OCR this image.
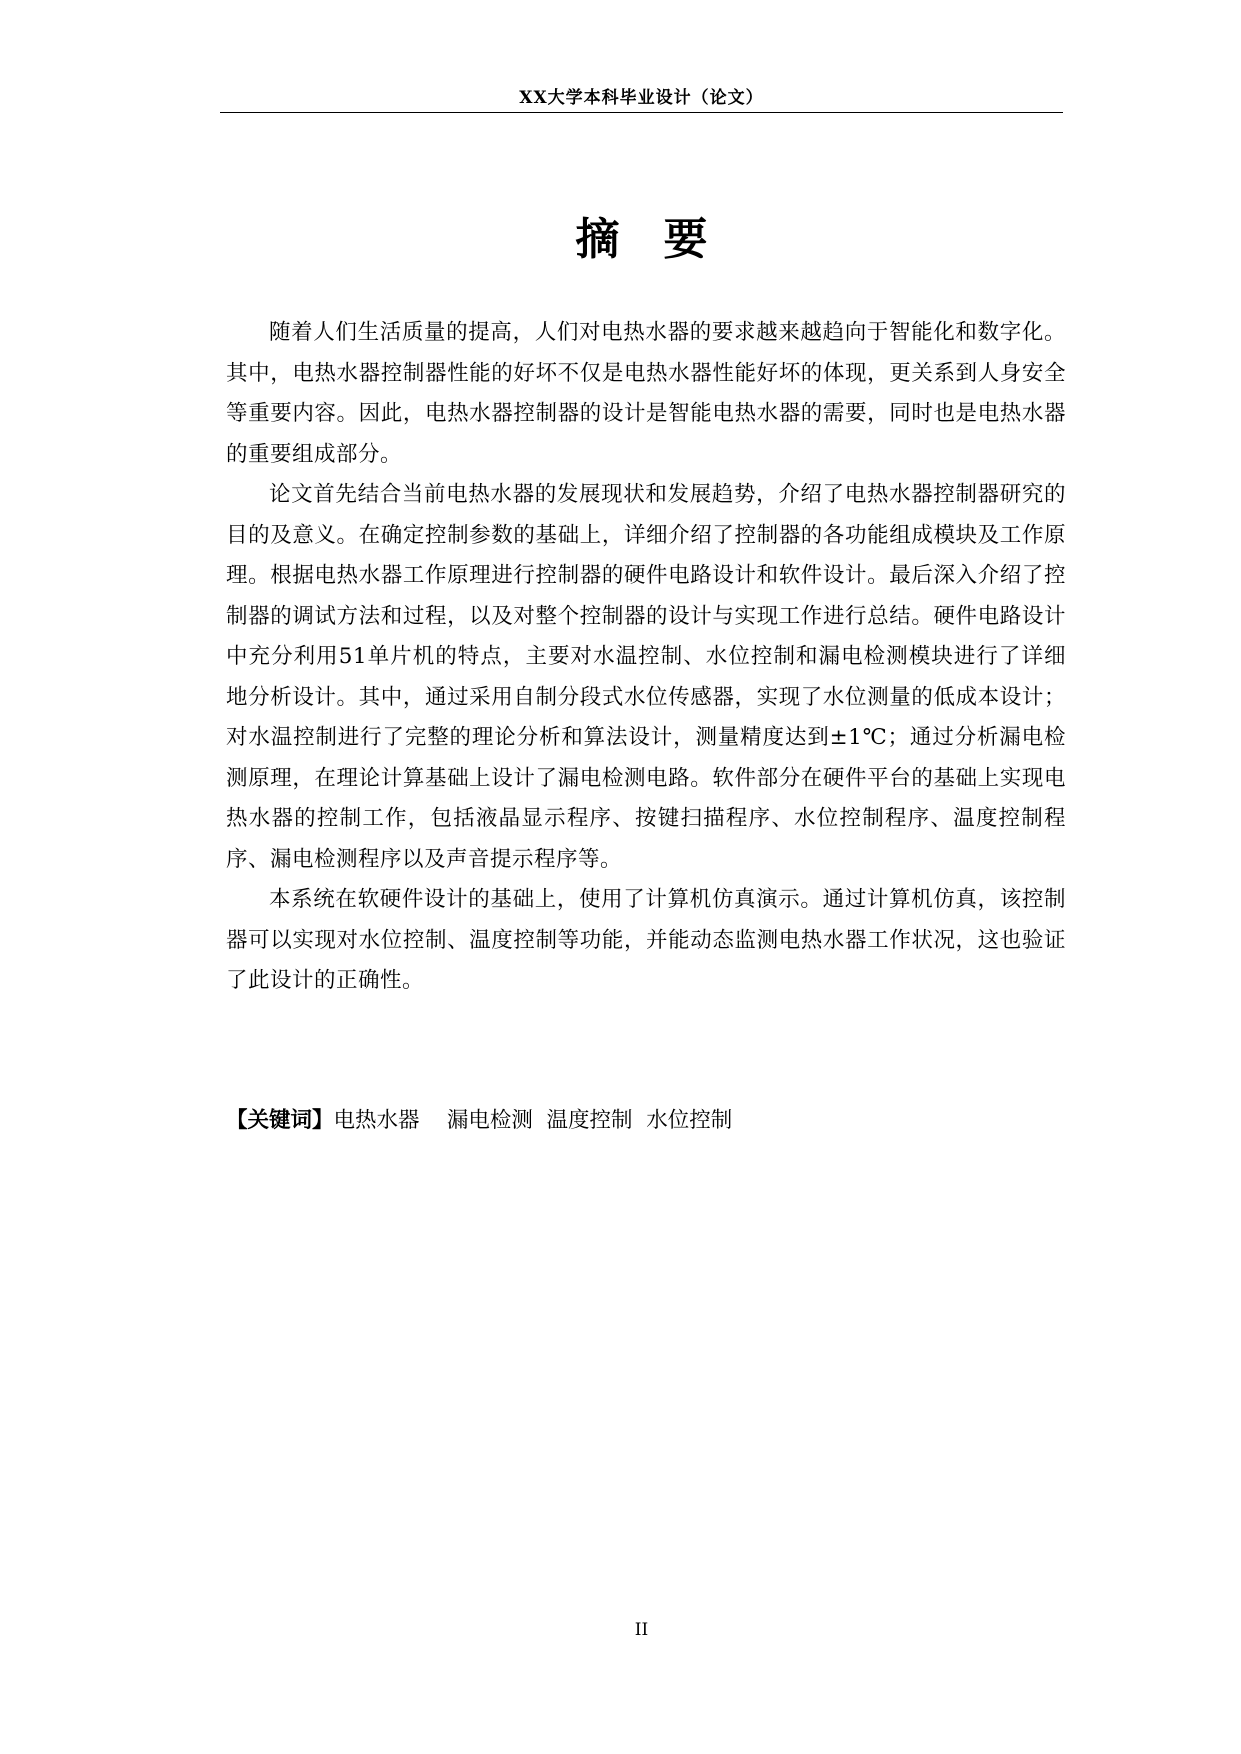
XX大学本科毕业设计（论文）
摘要

随着人们生活质量的提高，人们对电热水器的要求越来越趋向于智能化和数字化。 其中，电热水器控制器性能的好坏不仅是电热水器性能好坏的体现，更关系到人身安全等重要内容。因此，电热水器控制器的设计是智能电热水器的需要，同时也是电热水器的重要组成部分。

论文首先结合当前电热水器的发展现状和发展趋势，介绍了电热水器控制器研究的目的及意义。在确定控制参数的基础上，详细介绍了控制器的各功能组成模块及工作原理。根据电热水器工作原理进行控制器的硬件电路设计和软件设计。最后深入介绍了控制器的调试方法和过程，以及对整个控制器的设计与实现工作进行总结。硬件电路设计中充分利用51单片机的特点，主要对水温控制、水位控制和漏电检测模块进行了详细地分析设计。其中，通过采用自制分段式水位传感器，实现了水位测量的低成本设计；对水温控制进行了完整的理论分析和算法设计，测量精度达到±1℃；通过分析漏电检测原理，在理论计算基础上设计了漏电检测电路。软件部分在硬件平台的基础上实现电热水器的控制工作，包括液晶显示程序、按键扫描程序、水位控制程序、温度控制程序、漏电检测程序以及声音提示程序等。

本系统在软硬件设计的基础上，使用了计算机仿真演示。通过计算机仿真，该控制器可以实现对水位控制、温度控制等功能，并能动态监测电热水器工作状况，这也验证了此设计的正确性。

【关键词】电热水器    漏电检测  温度控制  水位控制
II
